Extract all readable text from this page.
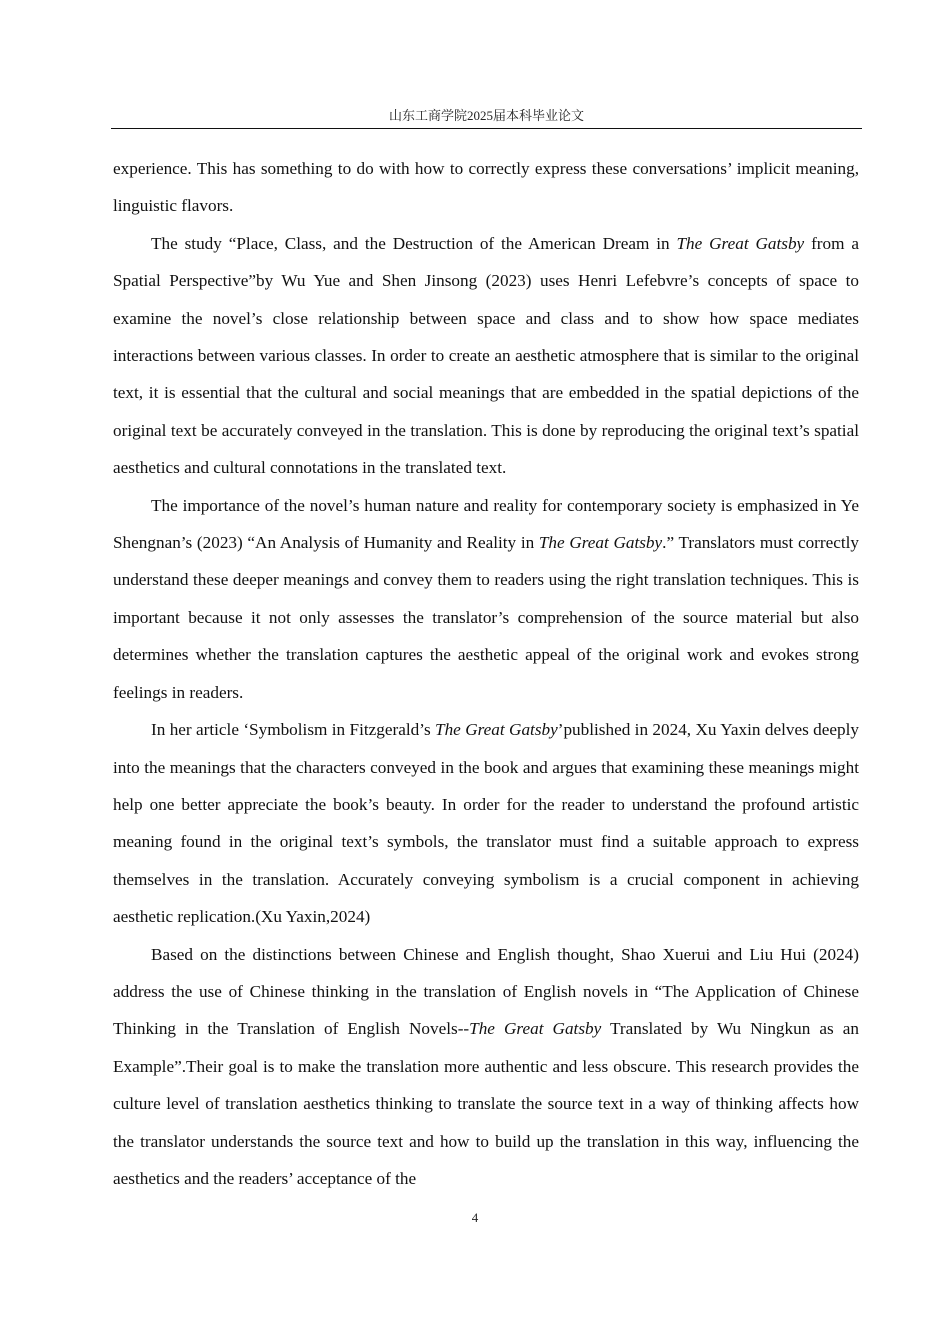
山东工商学院2025届本科毕业论文

experience. This has something to do with how to correctly express these conversations’ implicit meaning, linguistic flavors.

The study “Place, Class, and the Destruction of the American Dream in The Great Gatsby from a Spatial Perspective”by Wu Yue and Shen Jinsong (2023) uses Henri Lefebvre’s concepts of space to examine the novel’s close relationship between space and class and to show how space mediates interactions between various classes. In order to create an aesthetic atmosphere that is similar to the original text, it is essential that the cultural and social meanings that are embedded in the spatial depictions of the original text be accurately conveyed in the translation. This is done by reproducing the original text’s spatial aesthetics and cultural connotations in the translated text.

The importance of the novel’s human nature and reality for contemporary society is emphasized in Ye Shengnan’s (2023) “An Analysis of Humanity and Reality in The Great Gatsby.” Translators must correctly understand these deeper meanings and convey them to readers using the right translation techniques. This is important because it not only assesses the translator’s comprehension of the source material but also determines whether the translation captures the aesthetic appeal of the original work and evokes strong feelings in readers.

In her article ‘Symbolism in Fitzgerald’s The Great Gatsby’published in 2024, Xu Yaxin delves deeply into the meanings that the characters conveyed in the book and argues that examining these meanings might help one better appreciate the book’s beauty. In order for the reader to understand the profound artistic meaning found in the original text’s symbols, the translator must find a suitable approach to express themselves in the translation. Accurately conveying symbolism is a crucial component in achieving aesthetic replication.(Xu Yaxin,2024)

Based on the distinctions between Chinese and English thought, Shao Xuerui and Liu Hui (2024) address the use of Chinese thinking in the translation of English novels in “The Application of Chinese Thinking in the Translation of English Novels--The Great Gatsby Translated by Wu Ningkun as an Example”.Their goal is to make the translation more authentic and less obscure. This research provides the culture level of translation aesthetics thinking to translate the source text in a way of thinking affects how the translator understands the source text and how to build up the translation in this way, influencing the aesthetics and the readers’ acceptance of the

4
